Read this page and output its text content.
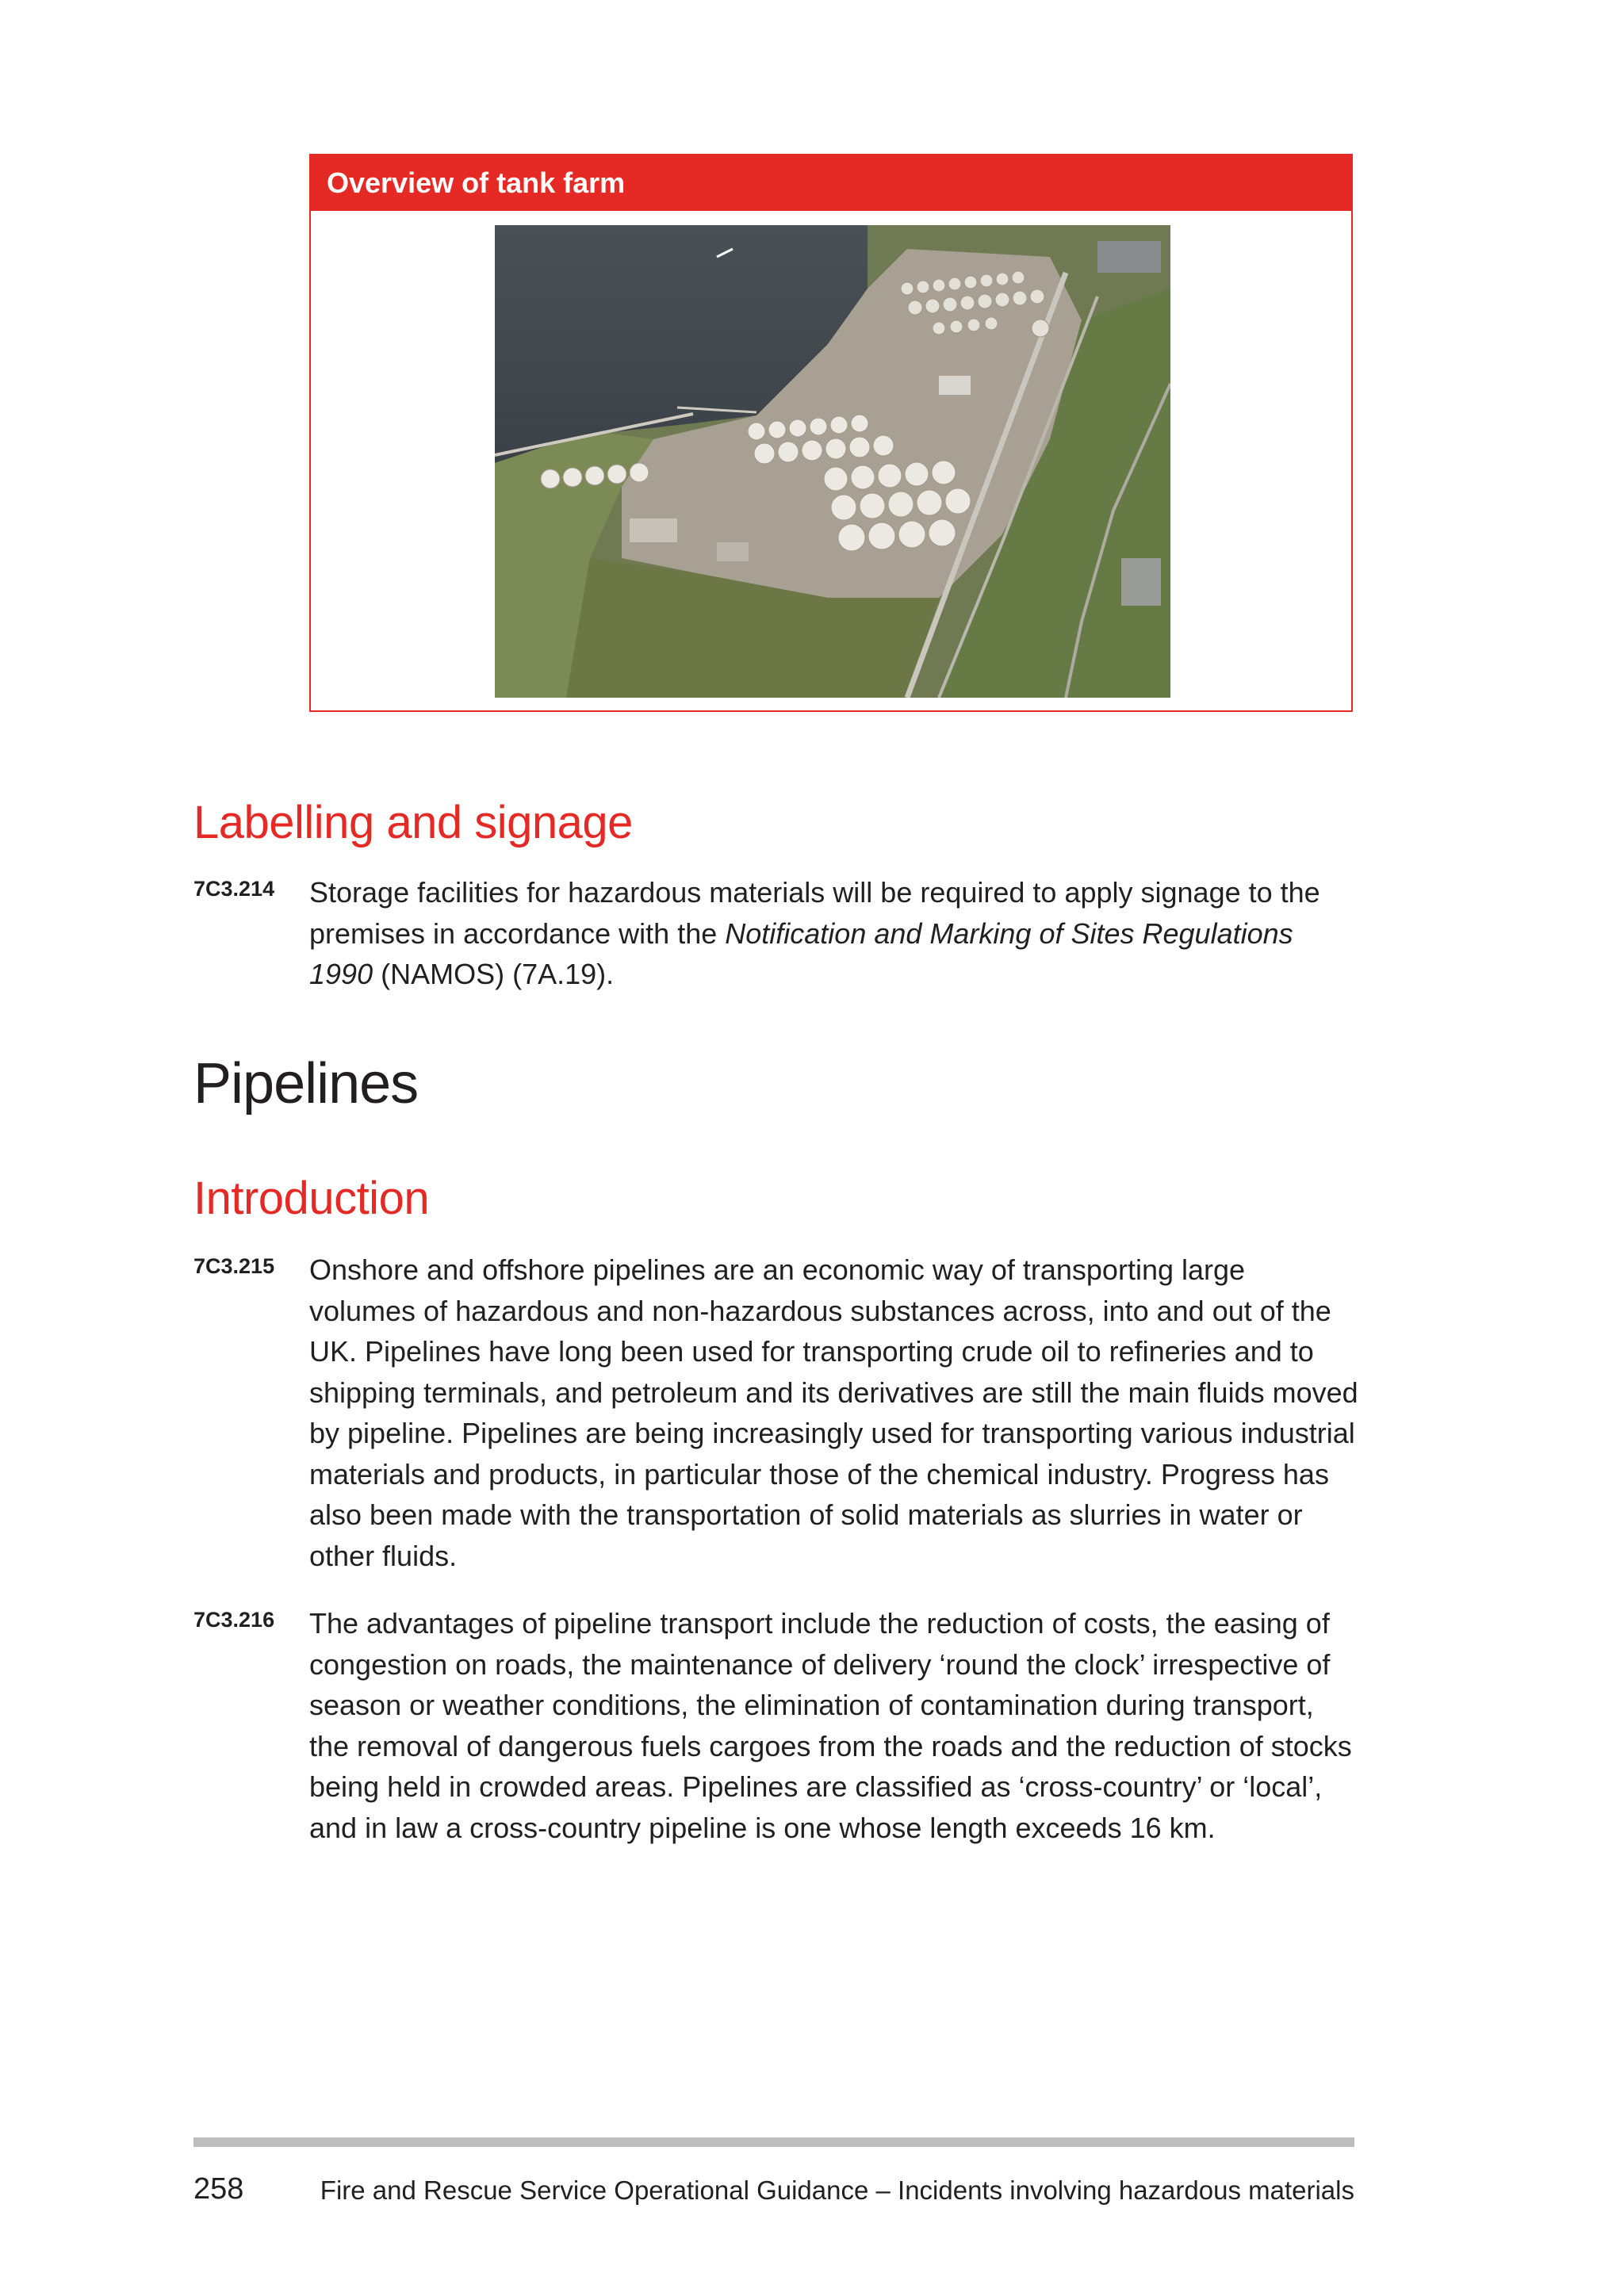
Overview of tank farm
Labelling and signage
7C3.214 Storage facilities for hazardous materials will be required to apply signage to the premises in accordance with the Notification and Marking of Sites Regulations 1990 (NAMOS) (7A.19).
Pipelines
Introduction
7C3.215 Onshore and offshore pipelines are an economic way of transporting large volumes of hazardous and non-hazardous substances across, into and out of the UK. Pipelines have long been used for transporting crude oil to refineries and to shipping terminals, and petroleum and its derivatives are still the main fluids moved by pipeline. Pipelines are being increasingly used for transporting various industrial materials and products, in particular those of the chemical industry. Progress has also been made with the transportation of solid materials as slurries in water or other fluids.
7C3.216 The advantages of pipeline transport include the reduction of costs, the easing of congestion on roads, the maintenance of delivery ‘round the clock’ irrespective of season or weather conditions, the elimination of contamination during transport, the removal of dangerous fuels cargoes from the roads and the reduction of stocks being held in crowded areas. Pipelines are classified as ‘cross-country’ or ‘local’, and in law a cross-country pipeline is one whose length exceeds 16 km.
258	Fire and Rescue Service Operational Guidance – Incidents involving hazardous materials
